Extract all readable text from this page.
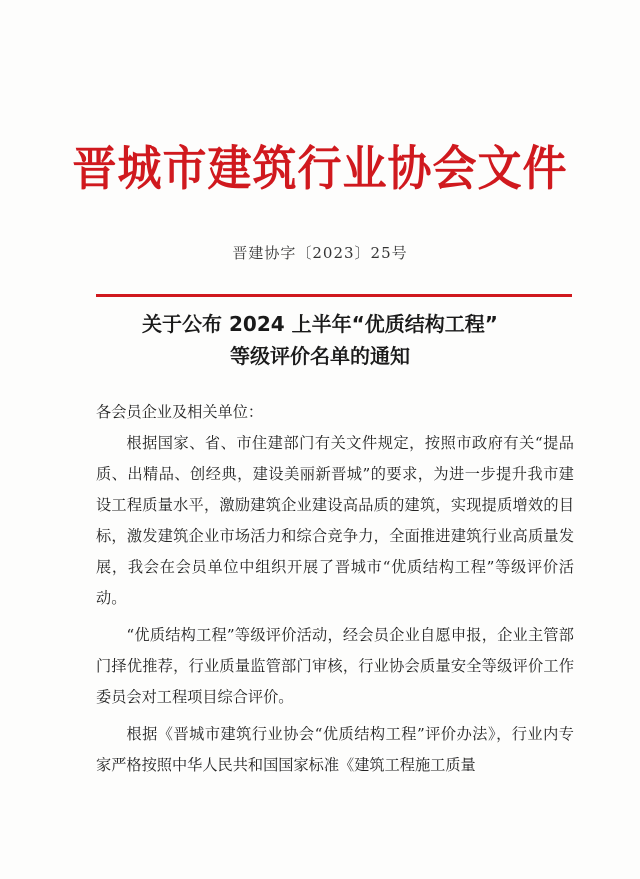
晋城市建筑行业协会文件
晋建协字〔2023〕25号
关于公布 2024 上半年“优质结构工程”
等级评价名单的通知

各会员企业及相关单位：

根据国家、省、市住建部门有关文件规定，按照市政府有关“提品质、出精品、创经典，建设美丽新晋城”的要求，为进一步提升我市建设工程质量水平，激励建筑企业建设高品质的建筑，实现提质增效的目标，激发建筑企业市场活力和综合竞争力，全面推进建筑行业高质量发展，我会在会员单位中组织开展了晋城市“优质结构工程”等级评价活动。

“优质结构工程”等级评价活动，经会员企业自愿申报，企业主管部门择优推荐，行业质量监管部门审核，行业协会质量安全等级评价工作委员会对工程项目综合评价。

根据《晋城市建筑行业协会“优质结构工程”评价办法》，行业内专家严格按照中华人民共和国国家标准《建筑工程施工质量
